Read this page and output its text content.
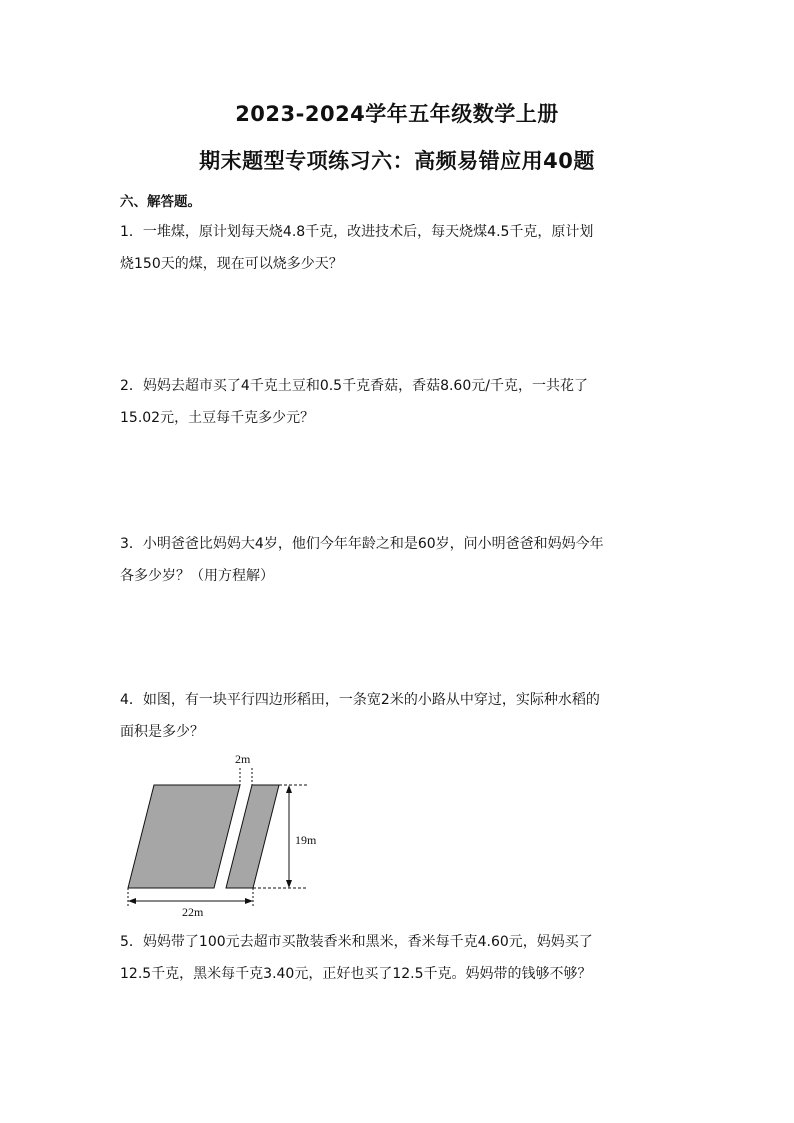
2023-2024学年五年级数学上册
期末题型专项练习六：高频易错应用40题
六、解答题。
1．一堆煤，原计划每天烧4.8千克，改进技术后，每天烧煤4.5千克，原计划
烧150天的煤，现在可以烧多少天？
2．妈妈去超市买了4千克土豆和0.5千克香菇，香菇8.60元/千克，一共花了
15.02元，土豆每千克多少元？
3．小明爸爸比妈妈大4岁，他们今年年龄之和是60岁，问小明爸爸和妈妈今年
各多少岁？（用方程解）
4．如图，有一块平行四边形稻田，一条宽2米的小路从中穿过，实际种水稻的
面积是多少？
2m
19m
22m
5．妈妈带了100元去超市买散装香米和黑米，香米每千克4.60元，妈妈买了
12.5千克，黑米每千克3.40元，正好也买了12.5千克。妈妈带的钱够不够？
